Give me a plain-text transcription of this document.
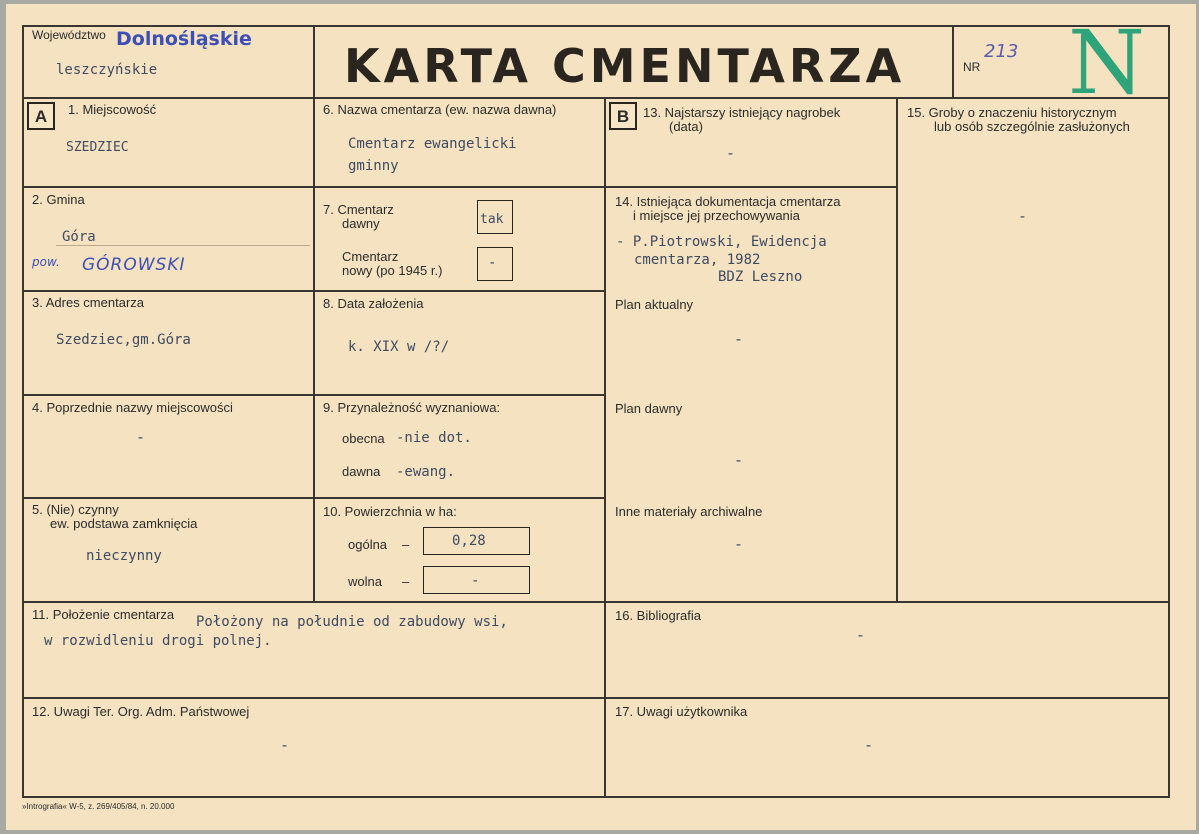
Województwo Dolnośląskie
leszczyńskie	KARTA CMENTARZA	NR
213 N
A	B
1. Miejscowość
SZEDZIEC
2. Gmina
Góra
pow. GÓROWSKI
3. Adres cmentarza
Szedziec,gm.Góra
4. Poprzednie nazwy miejscowości
-
5. (Nie) czynny
ew. podstawa zamknięcia
nieczynny
6. Nazwa cmentarza (ew. nazwa dawna)
Cmentarz ewangelicki
gminny
7. Cmentarz
dawny	tak
Cmentarz
nowy (po 1945 r.)	-
8. Data założenia
k. XIX w /?/
9. Przynależność wyznaniowa:
obecna -nie dot.
dawna -ewang.
10. Powierzchnia w ha:
ogólna –	0,28
wolna –	-
11. Położenie cmentarza Położony na południe od zabudowy wsi,
w rozwidleniu drogi polnej.
12. Uwagi Ter. Org. Adm. Państwowej
-
13. Najstarszy istniejący nagrobek
(data)
-
14. Istniejąca dokumentacja cmentarza
i miejsce jej przechowywania
- P.Piotrowski, Ewidencja
cmentarza, 1982
BDZ Leszno
Plan aktualny
-
Plan dawny
-
Inne materiały archiwalne
-
15. Groby o znaczeniu historycznym
lub osób szczególnie zasłużonych
-
16. Bibliografia
-
17. Uwagi użytkownika
-
»Intrografia« W-5, z. 269/405/84, n. 20.000
